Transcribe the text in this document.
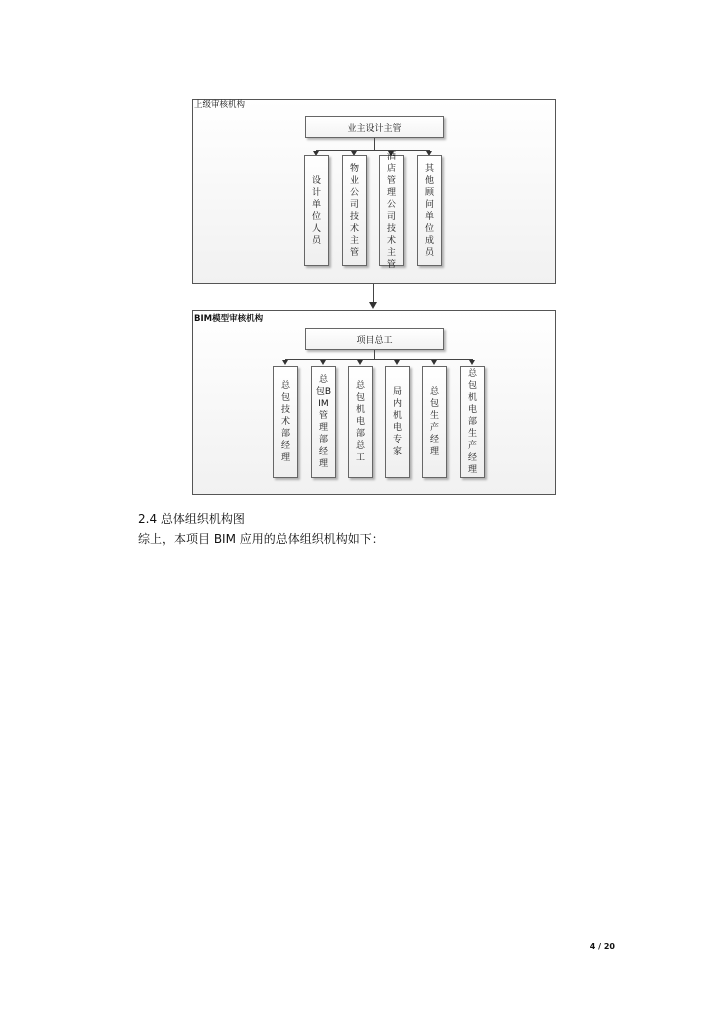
上级审核机构
业主设计主管
设计单位人员
物业公司技术主管
酒店管理公司技术主管
其他顾问单位成员
BIM模型审核机构
项目总工
总包技术部经理
总包BIM管理部经理
总包机电部总工
局内机电专家
总包生产经理
总包机电部生产经理
2.4 总体组织机构图
综上，本项目 BIM 应用的总体组织机构如下：
4 / 20
